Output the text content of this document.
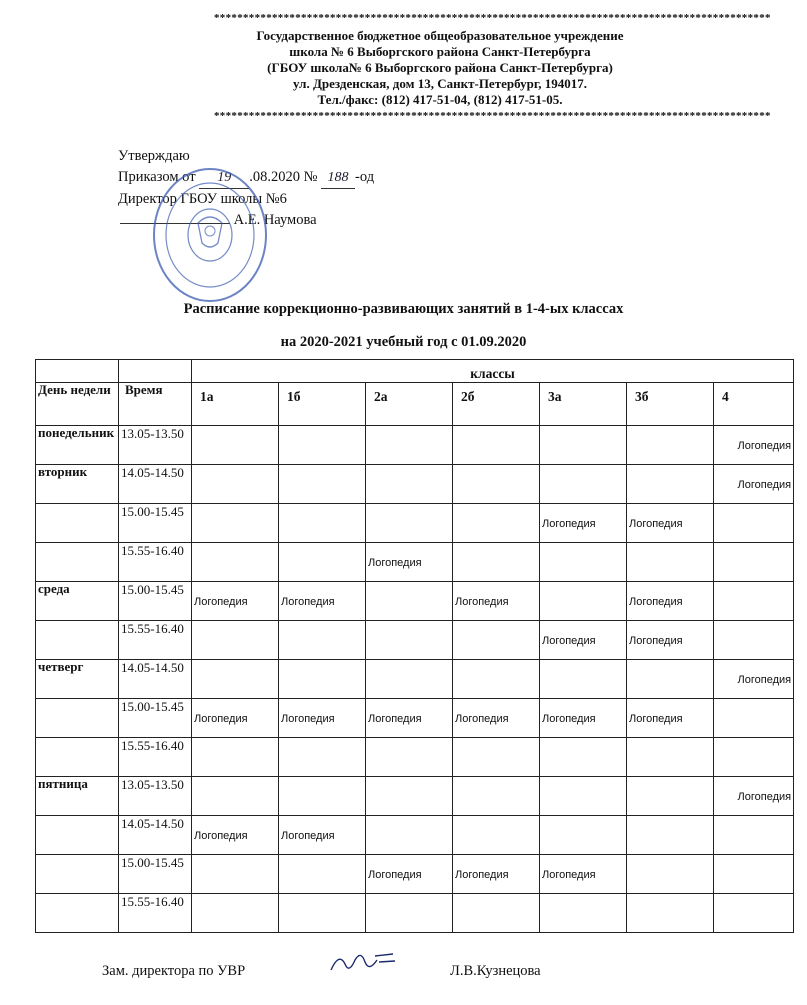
************************************************************************************************
Государственное бюджетное общеобразовательное учреждение
школа № 6 Выборгского района Санкт-Петербурга
(ГБОУ школа№ 6 Выборгского района Санкт-Петербурга)
ул. Дрезденская, дом 13, Санкт-Петербург, 194017.
Тел./факс: (812) 417-51-04, (812) 417-51-05.
************************************************************************************************
Утверждаю
Приказом от 19 .08.2020 № 188 -од
Директор ГБОУ школы №6
А.Е. Наумова
Расписание коррекционно-развивающих занятий в 1-4-ых классах
на 2020-2021 учебный год с 01.09.2020
		классы						
День недели	Время	1а	1б	2а	2б	3а	3б	4
понедельник	13.05-13.50							Логопедия
вторник	14.05-14.50							Логопедия
	15.00-15.45					Логопедия	Логопедия	
	15.55-16.40			Логопедия				
среда	15.00-15.45	Логопедия	Логопедия		Логопедия		Логопедия	
	15.55-16.40					Логопедия	Логопедия	
четверг	14.05-14.50							Логопедия
	15.00-15.45	Логопедия	Логопедия	Логопедия	Логопедия	Логопедия	Логопедия	
	15.55-16.40							
пятница	13.05-13.50							Логопедия
	14.05-14.50	Логопедия	Логопедия					
	15.00-15.45			Логопедия	Логопедия	Логопедия		
	15.55-16.40							
Зам. директора по УВР	Л.В.Кузнецова
